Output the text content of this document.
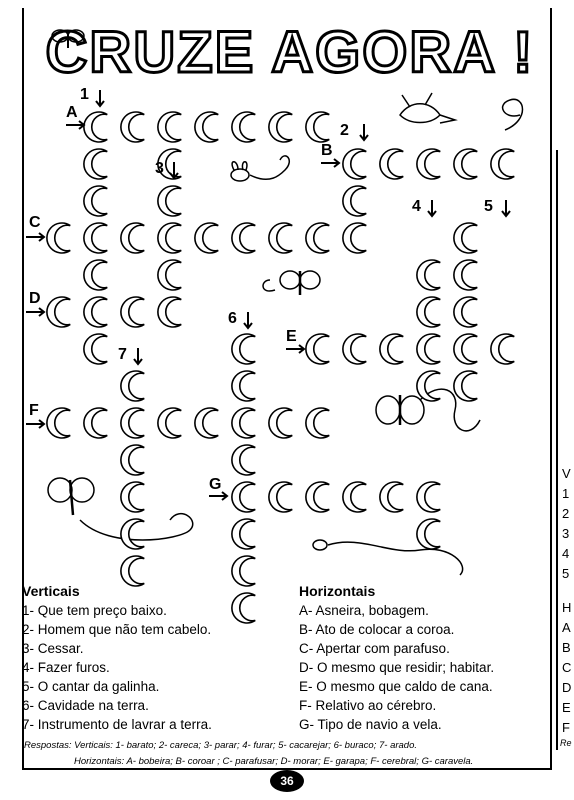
CRUZE AGORA !
A
B
C
D
E
F
G
1
2
3
4	5
6
7
Verticais
1- Que tem preço baixo.
2- Homem que não tem cabelo.
3- Cessar.
4- Fazer furos.
5- O cantar da galinha.
6- Cavidade na terra.
7- Instrumento de lavrar a terra.
Horizontais
A- Asneira, bobagem.
B- Ato de colocar a coroa.
C- Apertar com parafuso.
D- O mesmo que residir; habitar.
E- O mesmo que caldo de cana.
F- Relativo ao cérebro.
G- Tipo de navio a vela.
Respostas: Verticais: 1- barato; 2- careca; 3- parar; 4- furar; 5- cacarejar; 6- buraco; 7- arado.
Horizontais: A- bobeira; B- coroar ; C- parafusar; D- morar; E- garapa; F- cerebral; G- caravela.
36
V
1
2
3
4
5
H
A
B
C
D
E
F
Re
